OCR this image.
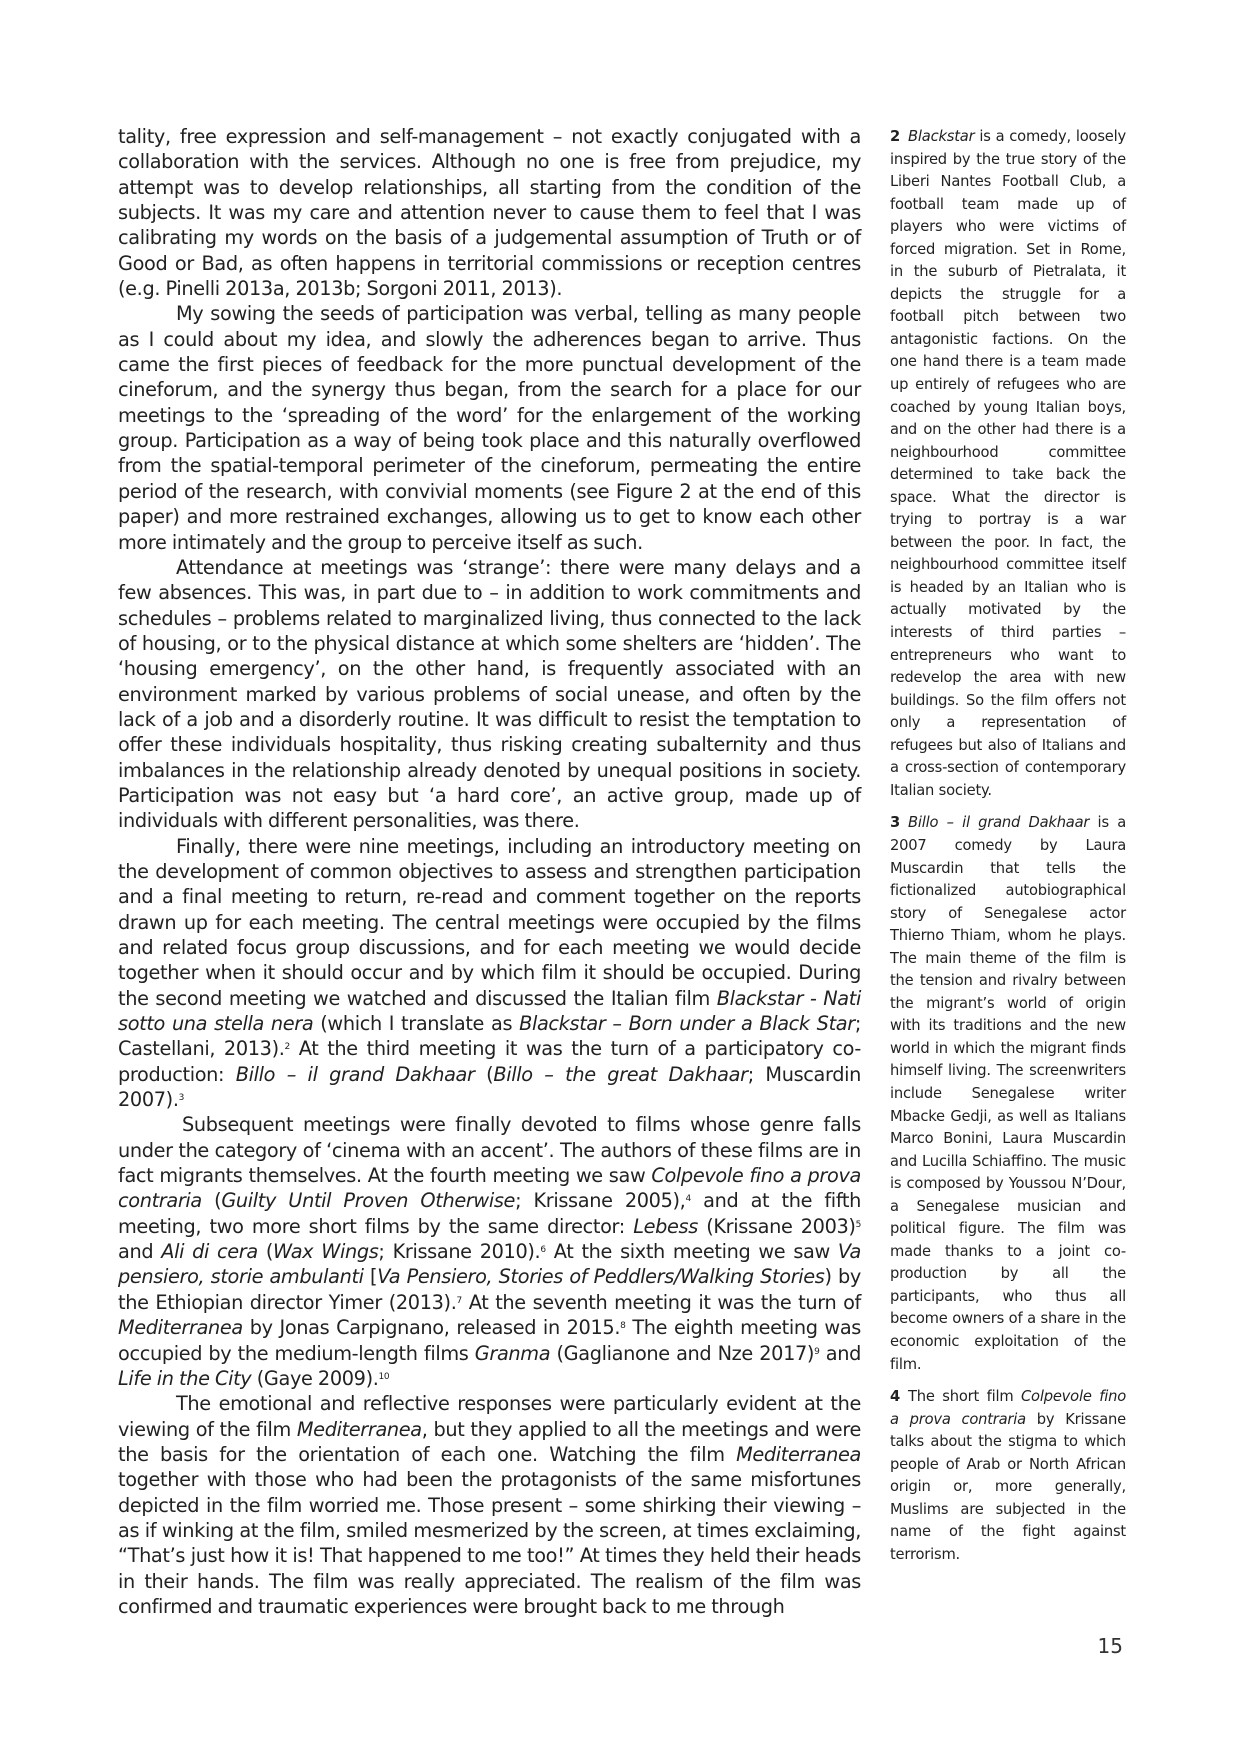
tality, free expression and self-management – not exactly conjugated with a collaboration with the services. Although no one is free from prejudice, my attempt was to develop relationships, all starting from the condition of the subjects. It was my care and attention never to cause them to feel that I was calibrating my words on the basis of a judgemental assumption of Truth or of Good or Bad, as often happens in territorial commissions or reception centres (e.g. Pinelli 2013a, 2013b; Sorgoni 2011, 2013).

My sowing the seeds of participation was verbal, telling as many people as I could about my idea, and slowly the adherences began to arrive. Thus came the first pieces of feedback for the more punctual development of the cineforum, and the synergy thus began, from the search for a place for our meetings to the ‘spreading of the word’ for the enlargement of the working group. Participation as a way of being took place and this naturally overflowed from the spatial-temporal perimeter of the cineforum, permeating the entire period of the research, with convivial moments (see Figure 2 at the end of this paper) and more restrained exchanges, allowing us to get to know each other more intimately and the group to perceive itself as such.

Attendance at meetings was ‘strange’: there were many delays and a few absences. This was, in part due to – in addition to work commitments and schedules – problems related to marginalized living, thus connected to the lack of housing, or to the physical distance at which some shelters are ‘hidden’. The ‘housing emergency’, on the other hand, is frequently associated with an environment marked by various problems of social unease, and often by the lack of a job and a disorderly routine. It was difficult to resist the temptation to offer these individuals hospitality, thus risking creating subalternity and thus imbalances in the relationship already denoted by unequal positions in society. Participation was not easy but ‘a hard core’, an active group, made up of individuals with different personalities, was there.

Finally, there were nine meetings, including an introductory meeting on the development of common objectives to assess and strengthen participation and a final meeting to return, re-read and comment together on the reports drawn up for each meeting. The central meetings were occupied by the films and related focus group discussions, and for each meeting we would decide together when it should occur and by which film it should be occupied. During the second meeting we watched and discussed the Italian film Blackstar - Nati sotto una stella nera (which I translate as Blackstar – Born under a Black Star; Castellani, 2013).$^2$ At the third meeting it was the turn of a participatory co-production: Billo – il grand Dakhaar (Billo – the great Dakhaar; Muscardin 2007).$^3$

Subsequent meetings were finally devoted to films whose genre falls under the category of ‘cinema with an accent’. The authors of these films are in fact migrants themselves. At the fourth meeting we saw Colpevole fino a prova contraria (Guilty Until Proven Otherwise; Krissane 2005),$^4$ and at the fifth meeting, two more short films by the same director: Lebess (Krissane 2003)$^5$ and Ali di cera (Wax Wings; Krissane 2010).$^6$ At the sixth meeting we saw Va pensiero, storie ambulanti [Va Pensiero, Stories of Peddlers/Walking Stories) by the Ethiopian director Yimer (2013).$^7$ At the seventh meeting it was the turn of Mediterranea by Jonas Carpignano, released in 2015.$^8$ The eighth meeting was occupied by the medium-length films Granma (Gaglianone and Nze 2017)$^9$ and Life in the City (Gaye 2009).$^{10}$

The emotional and reflective responses were particularly evident at the viewing of the film Mediterranea, but they applied to all the meetings and were the basis for the orientation of each one. Watching the film Mediterranea together with those who had been the protagonists of the same misfortunes depicted in the film worried me. Those present – some shirking their viewing – as if winking at the film, smiled mesmerized by the screen, at times exclaiming, “That’s just how it is! That happened to me too!” At times they held their heads in their hands. The film was really appreciated. The realism of the film was confirmed and traumatic experiences were brought back to me through

2 Blackstar is a comedy, loosely inspired by the true story of the Liberi Nantes Football Club, a football team made up of players who were victims of forced migration. Set in Rome, in the suburb of Pietralata, it depicts the struggle for a football pitch between two antagonistic factions. On the one hand there is a team made up entirely of refugees who are coached by young Italian boys, and on the other had there is a neighbourhood committee determined to take back the space. What the director is trying to portray is a war between the poor. In fact, the neighbourhood committee itself is headed by an Italian who is actually motivated by the interests of third parties – entrepreneurs who want to redevelop the area with new buildings. So the film offers not only a representation of refugees but also of Italians and a cross-section of contemporary Italian society.

3 Billo – il grand Dakhaar is a 2007 comedy by Laura Muscardin that tells the fictionalized autobiographical story of Senegalese actor Thierno Thiam, whom he plays. The main theme of the film is the tension and rivalry between the migrant’s world of origin with its traditions and the new world in which the migrant finds himself living. The screenwriters include Senegalese writer Mbacke Gedji, as well as Italians Marco Bonini, Laura Muscardin and Lucilla Schiaffino. The music is composed by Youssou N’Dour, a Senegalese musician and political figure. The film was made thanks to a joint co-production by all the participants, who thus all become owners of a share in the economic exploitation of the film.

4 The short film Colpevole fino a prova contraria by Krissane talks about the stigma to which people of Arab or North African origin or, more generally, Muslims are subjected in the name of the fight against terrorism.

15
